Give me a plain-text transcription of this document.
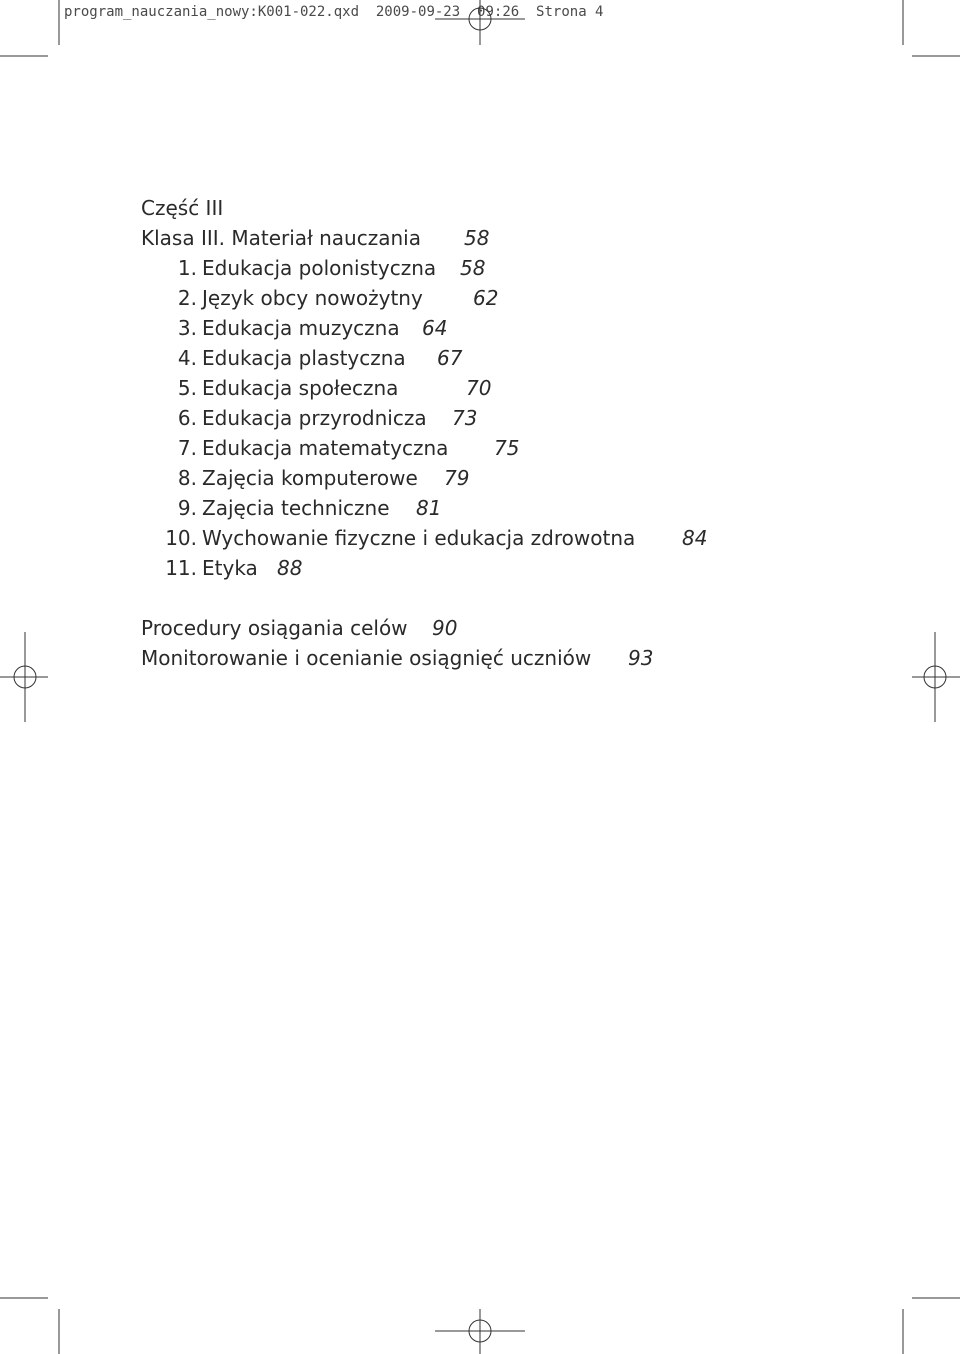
program_nauczania_nowy:K001-022.qxd 2009-09-23 09:26 Strona 4
Część III
Klasa III. Materiał nauczania 58
1. Edukacja polonistyczna 58
2. Język obcy nowożytny	62
3. Edukacja muzyczna 64
4. Edukacja plastyczna 67
5. Edukacja społeczna	70
6. Edukacja przyrodnicza 73
7. Edukacja matematyczna 75
8. Zajęcia komputerowe 79
9. Zajęcia techniczne 81
10. Wychowanie fizyczne i edukacja zdrowotna 84
11. Etyka 88
Procedury osiągania celów 90
Monitorowanie i ocenianie osiągnięć uczniów 93
